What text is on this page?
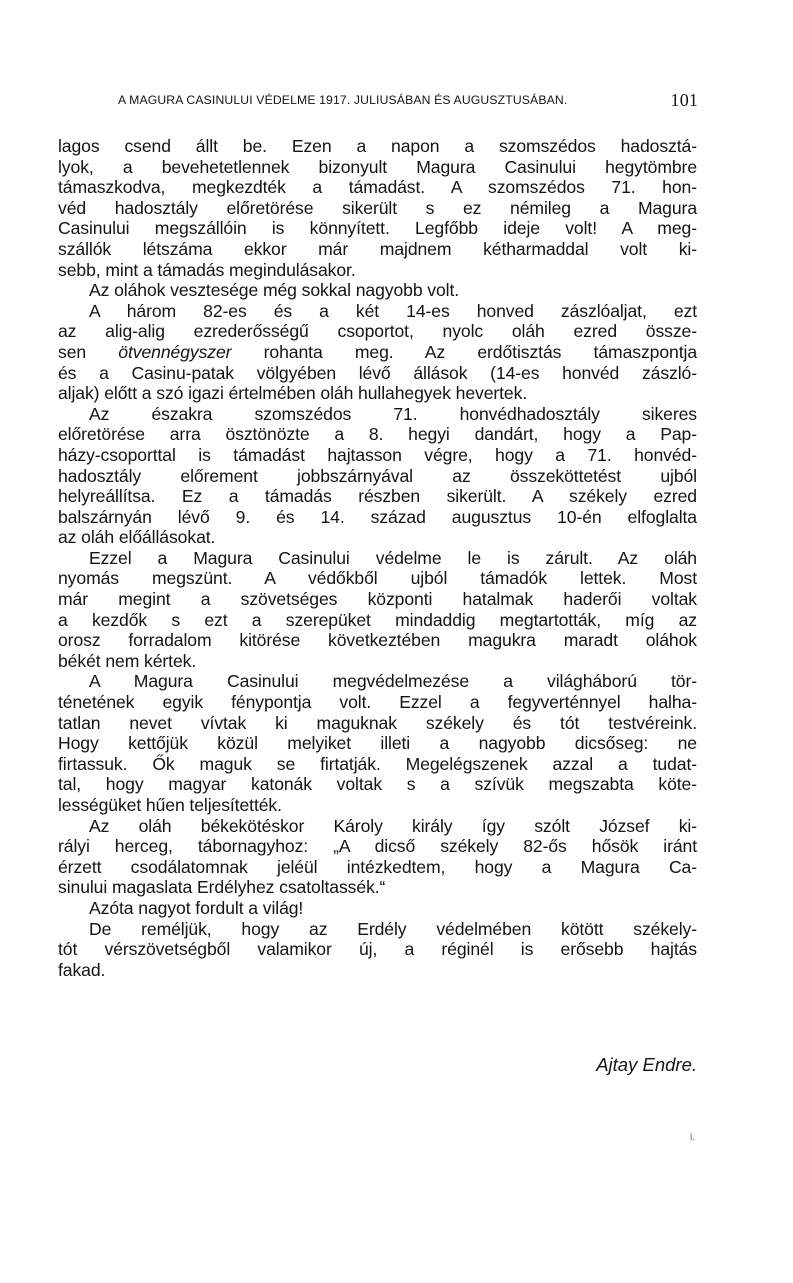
A MAGURA CASINULUI VÉDELME 1917. JULIUSÁBAN ÉS AUGUSZTUSÁBAN.	101
lagos csend állt be. Ezen a napon a szomszédos hadosztá-
lyok, a bevehetetlennek bizonyult Magura Casinului hegytömbre
támaszkodva, megkezdték a támadást. A szomszédos 71. hon-
véd hadosztály előretörése sikerült s ez némileg a Magura
Casinului megszállóin is könnyített. Legfőbb ideje volt! A meg-
szállók létszáma ekkor már majdnem kétharmaddal volt ki-
sebb, mint a támadás megindulásakor.
Az oláhok vesztesége még sokkal nagyobb volt.
A három 82-es és a két 14-es honved zászlóaljat, ezt
az alig-alig ezrederősségű csoportot, nyolc oláh ezred össze-
sen ötvennégyszer rohanta meg. Az erdőtisztás támaszpontja
és a Casinu-patak völgyében lévő állások (14-es honvéd zászló-
aljak) előtt a szó igazi értelmében oláh hullahegyek hevertek.
Az északra szomszédos 71. honvédhadosztály sikeres
előretörése arra ösztönözte a 8. hegyi dandárt, hogy a Pap-
házy-csoporttal is támadást hajtasson végre, hogy a 71. honvéd-
hadosztály előrement jobbszárnyával az összeköttetést ujból
helyreállítsa. Ez a támadás részben sikerült. A székely ezred
balszárnyán lévő 9. és 14. század augusztus 10-én elfoglalta
az oláh előállásokat.
Ezzel a Magura Casinului védelme le is zárult. Az oláh
nyomás megszünt. A védőkből ujból támadók lettek. Most
már megint a szövetséges központi hatalmak haderői voltak
a kezdők s ezt a szerepüket mindaddig megtartották, míg az
orosz forradalom kitörése következtében magukra maradt oláhok
békét nem kértek.
A Magura Casinului megvédelmezése a világháború tör-
ténetének egyik fénypontja volt. Ezzel a fegyverténnyel halha-
tatlan nevet vívtak ki maguknak székely és tót testvéreink.
Hogy kettőjük közül melyiket illeti a nagyobb dicsőseg: ne
firtassuk. Ők maguk se firtatják. Megelégszenek azzal a tudat-
tal, hogy magyar katonák voltak s a szívük megszabta köte-
lességüket hűen teljesítették.
Az oláh békekötéskor Károly király így szólt József ki-
rályi herceg, tábornagyhoz: „A dicső székely 82-ős hősök iránt
érzett csodálatomnak jeléül intézkedtem, hogy a Magura Ca-
sinului magaslata Erdélyhez csatoltassék.“
Azóta nagyot fordult a világ!
De reméljük, hogy az Erdély védelmében kötött székely-
tót vérszövetségből valamikor új, a réginél is erősebb hajtás
fakad.
Ajtay Endre.
i.
